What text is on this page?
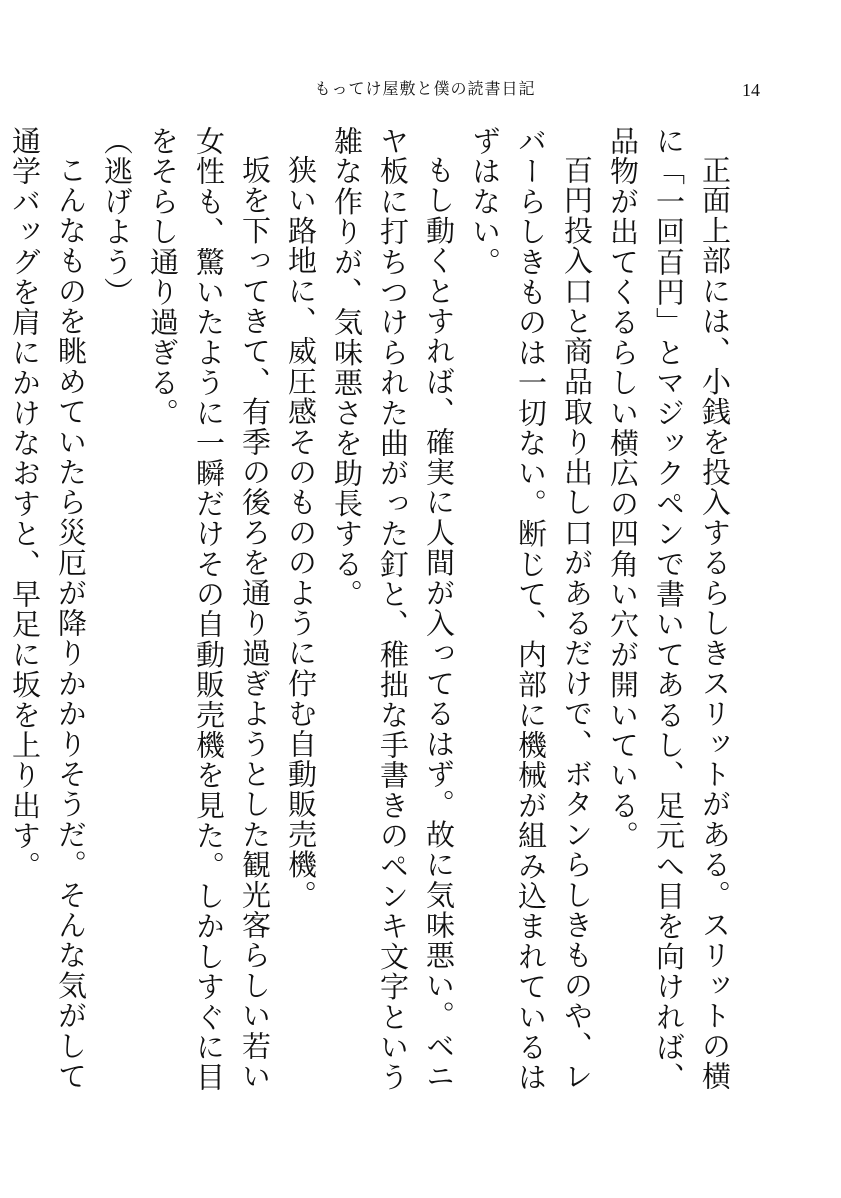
もってけ屋敷と僕の読書日記	14

正面上部には、小銭を投入するらしきスリットがある。スリットの横に「一回百円」とマジックペンで書いてあるし、足元へ目を向ければ、品物が出てくるらしい横広の四角い穴が開いている。

百円投入口と商品取り出し口があるだけで、ボタンらしきものや、レバーらしきものは一切ない。断じて、内部に機械が組み込まれているはずはない。

もし動くとすれば、確実に人間が入ってるはず。故に気味悪い。ベニヤ板に打ちつけられた曲がった釘と、稚拙な手書きのペンキ文字という雑な作りが、気味悪さを助長する。

狭い路地に、威圧感そのもののように佇む自動販売機。

坂を下ってきて、有季の後ろを通り過ぎようとした観光客らしい若い女性も、驚いたように一瞬だけその自動販売機を見た。しかしすぐに目をそらし通り過ぎる。

（逃げよう）

こんなものを眺めていたら災厄が降りかかりそうだ。そんな気がして通学バッグを肩にかけなおすと、早足に坂を上り出す。
